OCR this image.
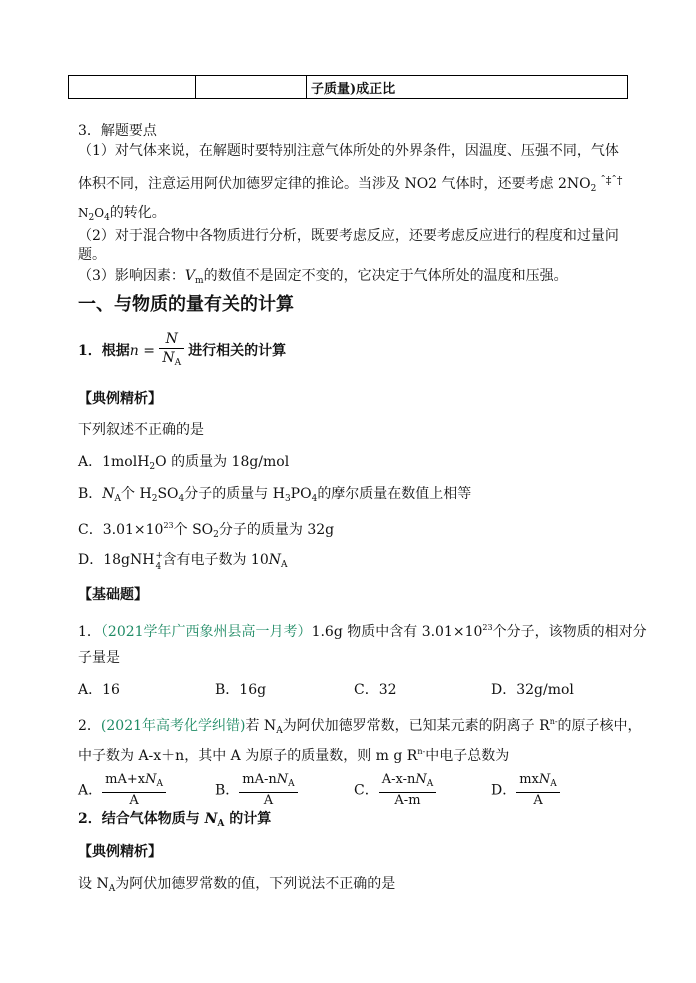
		子质量)成正比
3．解题要点
（1）对气体来说，在解题时要特别注意气体所处的外界条件，因温度、压强不同，气体
体积不同，注意运用阿伏加德罗定律的推论。当涉及 NO2 气体时，还要考虑 $2NO_2^{ˆ\ddagger ˆ\dagger}$
$N_2O_4$的转化。
（2）对于混合物中各物质进行分析，既要考虑反应，还要考虑反应进行的程度和过量问
题。
（3）影响因素：$V_m$的数值不是固定不变的，它决定于气体所处的温度和压强。
一、与物质的量有关的计算
1．根据$n = \frac{N}{N_A}$ 进行相关的计算
【典例精析】
下列叙述不正确的是
A．1molH$_2$O 的质量为 18g/mol
B．$N_A$个 $H_2SO_4$分子的质量与 $H_3PO_4$的摩尔质量在数值上相等
C．$3.01\times 10^{23}$个 $SO_2$分子的质量为 32g
D．18gNH +
4 含有电子数为 $10N_A$
【基础题】
1．（2021学年广西象州县高一月考）1.6g 物质中含有 $3.01\times 10^{23}$个分子，该物质的相对分
子量是
A．16	B．16g	C．32	D．32g/mol
2．(2021年高考化学纠错)若 $N_A$为阿伏加德罗常数，已知某元素的阴离子 $R^{n-}$的原子核中，
中子数为 A-x＋n，其中 A 为原子的质量数，则 m g $R^{n-}$中电子总数为
A． $\frac{mA+xN_A}{A}$	B． $\frac{mA-nN_A}{A}$	C． $\frac{A-x-nN_A}{A-m}$	D． $\frac{mxN_A}{A}$
2．结合气体物质与 $N_A$ 的计算
【典例精析】
设 $N_A$为阿伏加德罗常数的值，下列说法不正确的是
